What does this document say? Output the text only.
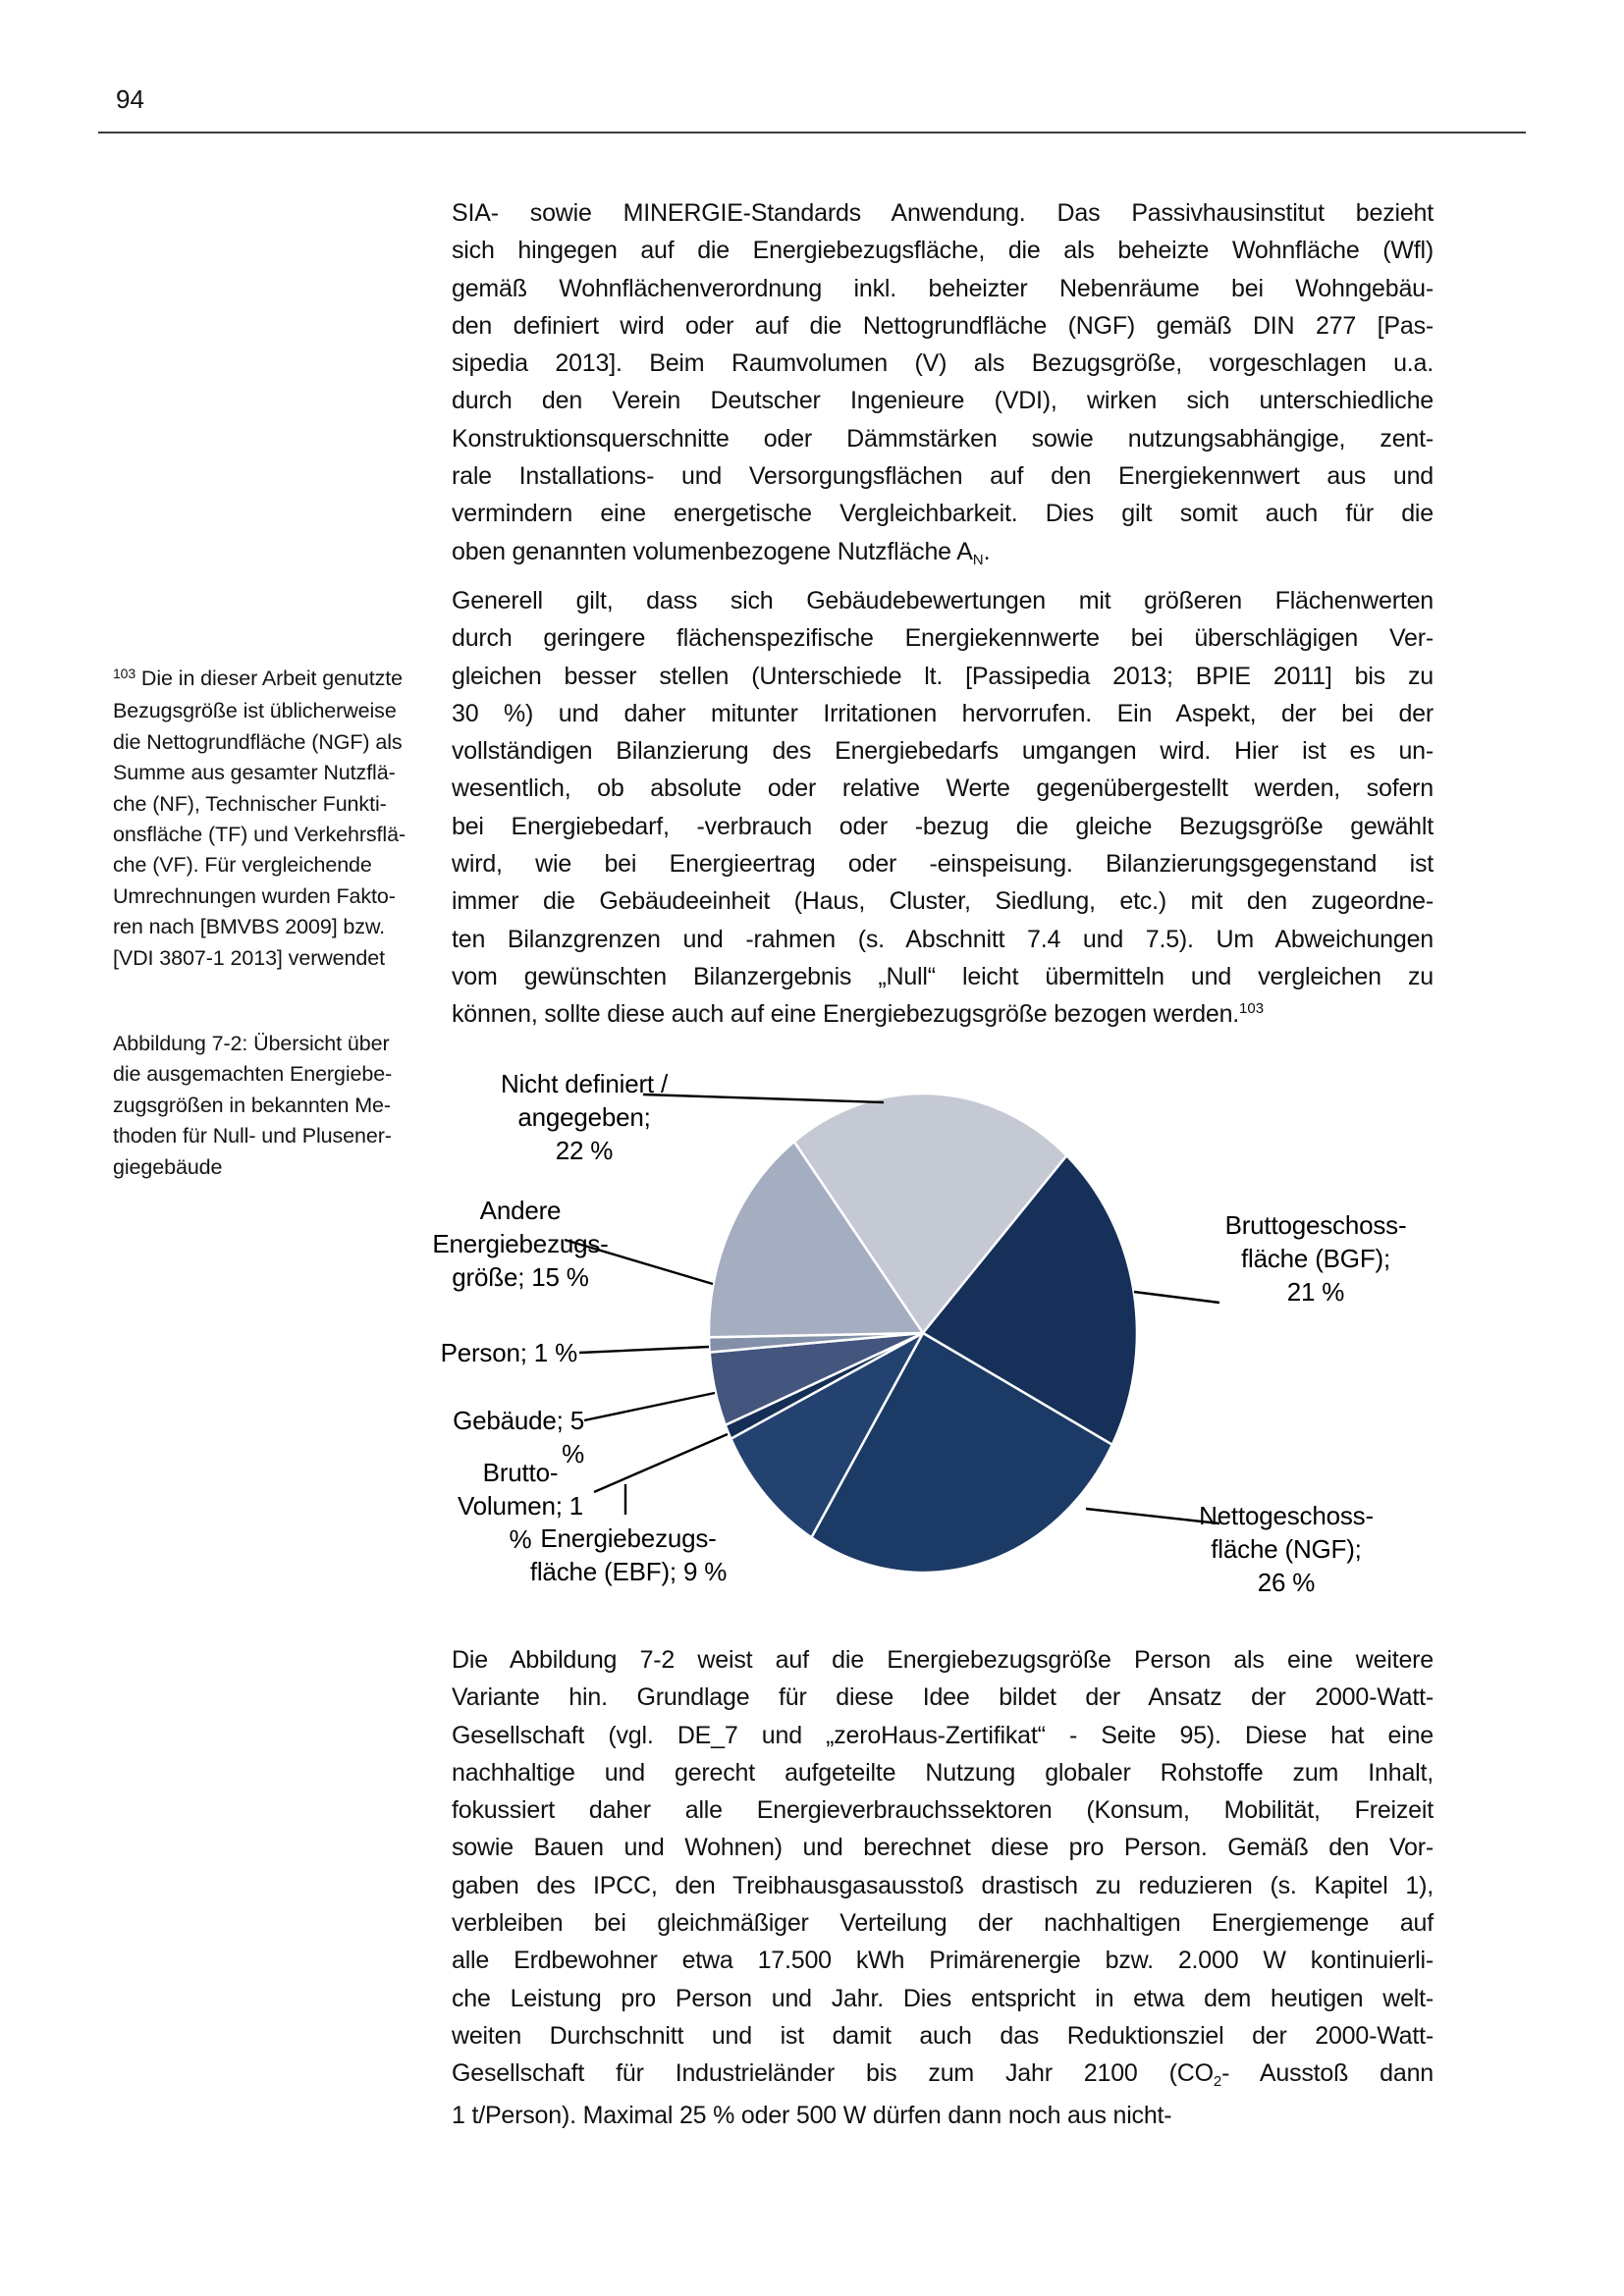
94
$^{103}$ Die in dieser Arbeit genutzte
Bezugsgröße ist üblicherweise
die Nettogrundfläche (NGF) als
Summe aus gesamter Nutzflä-
che (NF), Technischer Funkti-
onsfläche (TF) und Verkehrsflä-
che (VF). Für vergleichende
Umrechnungen wurden Fakto-
ren nach [BMVBS 2009] bzw.
[VDI 3807-1 2013] verwendet
Abbildung 7-2: Übersicht über
die ausgemachten Energiebe-
zugsgrößen in bekannten Me-
thoden für Null- und Plusener-
giegebäude
SIA- sowie MINERGIE-Standards Anwendung. Das Passivhausinstitut bezieht
sich hingegen auf die Energiebezugsfläche, die als beheizte Wohnfläche (Wfl)
gemäß Wohnflächenverordnung inkl. beheizter Nebenräume bei Wohngebäu-
den definiert wird oder auf die Nettogrundfläche (NGF) gemäß DIN 277 [Pas-
sipedia 2013]. Beim Raumvolumen (V) als Bezugsgröße, vorgeschlagen u.a.
durch den Verein Deutscher Ingenieure (VDI), wirken sich unterschiedliche
Konstruktionsquerschnitte oder Dämmstärken sowie nutzungsabhängige, zent-
rale Installations- und Versorgungsflächen auf den Energiekennwert aus und
vermindern eine energetische Vergleichbarkeit. Dies gilt somit auch für die
oben genannten volumenbezogene Nutzfläche $A_N$.
Generell gilt, dass sich Gebäudebewertungen mit größeren Flächenwerten
durch geringere flächenspezifische Energiekennwerte bei überschlägigen Ver-
gleichen besser stellen (Unterschiede lt. [Passipedia 2013; BPIE 2011] bis zu
30 %) und daher mitunter Irritationen hervorrufen. Ein Aspekt, der bei der
vollständigen Bilanzierung des Energiebedarfs umgangen wird. Hier ist es un-
wesentlich, ob absolute oder relative Werte gegenübergestellt werden, sofern
bei Energiebedarf, -verbrauch oder -bezug die gleiche Bezugsgröße gewählt
wird, wie bei Energieertrag oder -einspeisung. Bilanzierungsgegenstand ist
immer die Gebäudeeinheit (Haus, Cluster, Siedlung, etc.) mit den zugeordne-
ten Bilanzgrenzen und -rahmen (s. Abschnitt 7.4 und 7.5). Um Abweichungen
vom gewünschten Bilanzergebnis „Null“ leicht übermitteln und vergleichen zu
können, sollte diese auch auf eine Energiebezugsgröße bezogen werden.$^{103}$
Nicht definiert /
angegeben;
22 %
Andere
Energiebezugs-
größe; 15 %
Person; 1 %
Gebäude; 5 %
Brutto-
Volumen; 1 % Energiebezugs-
fläche (EBF); 9 %
Bruttogeschoss-
fläche (BGF);
21 %
Nettogeschoss-
fläche (NGF);
26 %
Die Abbildung 7-2 weist auf die Energiebezugsgröße Person als eine weitere
Variante hin. Grundlage für diese Idee bildet der Ansatz der 2000-Watt-
Gesellschaft (vgl. DE_7 und „zeroHaus-Zertifikat“ - Seite 95). Diese hat eine
nachhaltige und gerecht aufgeteilte Nutzung globaler Rohstoffe zum Inhalt,
fokussiert daher alle Energieverbrauchssektoren (Konsum, Mobilität, Freizeit
sowie Bauen und Wohnen) und berechnet diese pro Person. Gemäß den Vor-
gaben des IPCC, den Treibhausgasausstoß drastisch zu reduzieren (s. Kapitel 1),
verbleiben bei gleichmäßiger Verteilung der nachhaltigen Energiemenge auf
alle Erdbewohner etwa 17.500 kWh Primärenergie bzw. 2.000 W kontinuierli-
che Leistung pro Person und Jahr. Dies entspricht in etwa dem heutigen welt-
weiten Durchschnitt und ist damit auch das Reduktionsziel der 2000-Watt-
Gesellschaft für Industrieländer bis zum Jahr 2100 ($CO_2-$ Ausstoß dann
1 t/Person). Maximal 25 % oder 500 W dürfen dann noch aus nicht-
